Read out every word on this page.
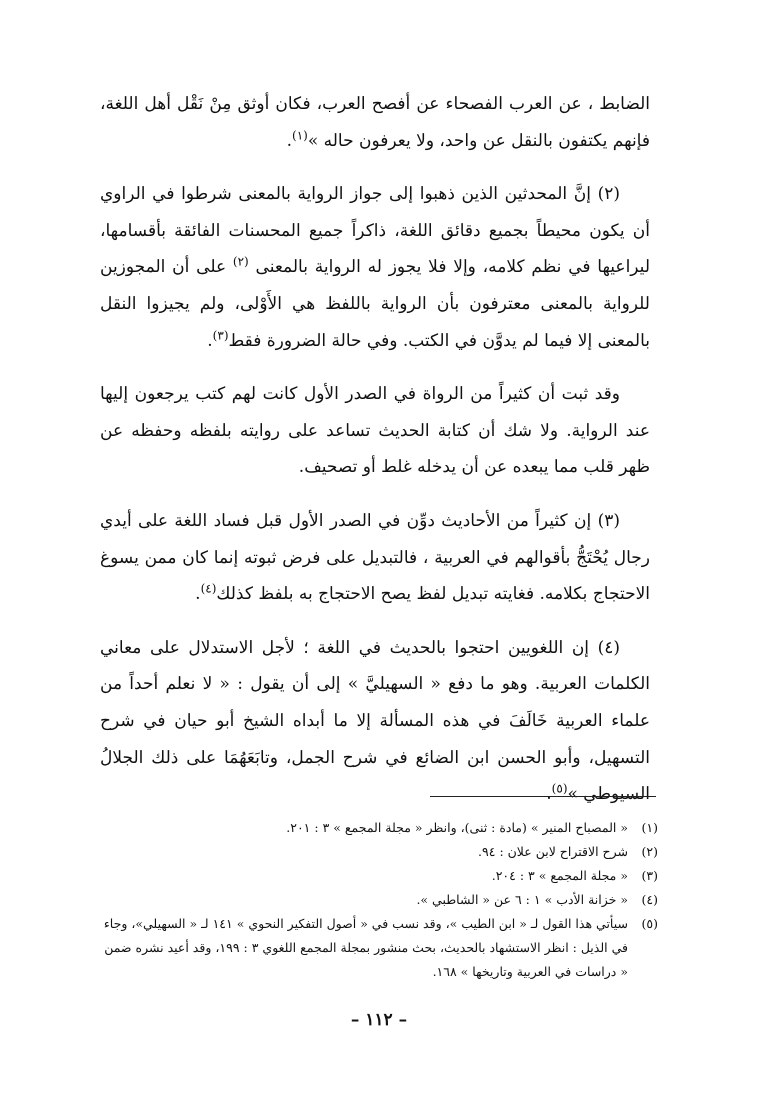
الضابط ، عن العرب الفصحاء عن أفصح العرب، فكان أوثق مِنْ نَقْل أهل اللغة، فإنهم يكتفون بالنقل عن واحد، ولا يعرفون حاله »$^{(١)}$.

(٢) إنَّ المحدثين الذين ذهبوا إلى جواز الرواية بالمعنى شرطوا في الراوي أن يكون محيطاً بجميع دقائق اللغة، ذاكراً جميع المحسنات الفائقة بأقسامها، ليراعيها في نظم كلامه، وإلا فلا يجوز له الرواية بالمعنى $^{(٢)}$ على أن المجوزين للرواية بالمعنى معترفون بأن الرواية باللفظ هي الأَوْلى، ولم يجيزوا النقل بالمعنى إلا فيما لم يدوَّن في الكتب. وفي حالة الضرورة فقط$^{(٣)}$.

وقد ثبت أن كثيراً من الرواة في الصدر الأول كانت لهم كتب يرجعون إليها عند الرواية. ولا شك أن كتابة الحديث تساعد على روايته بلفظه وحفظه عن ظهر قلب مما يبعده عن أن يدخله غلط أو تصحيف.

(٣) إن كثيراً من الأحاديث دوِّن في الصدر الأول قبل فساد اللغة على أيدي رجال يُحْتَجُّ بأقوالهم في العربية ، فالتبديل على فرض ثبوته إنما كان ممن يسوغ الاحتجاج بكلامه. فغايته تبديل لفظ يصح الاحتجاج به بلفظ كذلك$^{(٤)}$.

(٤) إن اللغويين احتجوا بالحديث في اللغة ؛ لأجل الاستدلال على معاني الكلمات العربية. وهو ما دفع « السهيليَّ » إلى أن يقول : « لا نعلم أحداً من علماء العربية خَالَفَ في هذه المسألة إلا ما أبداه الشيخ أبو حيان في شرح التسهيل، وأبو الحسن ابن الضائع في شرح الجمل، وتابَعَهُمَا على ذلك الجلالُ السيوطي »$^{(٥)}$.

(١)
« المصباح المنير » (مادة : ثنى)، وانظر « مجلة المجمع » ٣ : ٢٠١.
(٢)
شرح الاقتراح لابن علان : ٩٤.
(٣)
« مجلة المجمع » ٣ : ٢٠٤.
(٤)
« خزانة الأدب » ١ : ٦ عن « الشاطبي ».
(٥)
سيأتي هذا القول لـ « ابن الطيب »، وقد نسب في « أصول التفكير النحوي » ١٤١ لـ « السهيلي»، وجاء في الذيل : انظر الاستشهاد بالحديث، بحث منشور بمجلة المجمع اللغوي ٣ : ١٩٩، وقد أعيد نشره ضمن « دراسات في العربية وتاريخها » ١٦٨.
– ١١٢ –
